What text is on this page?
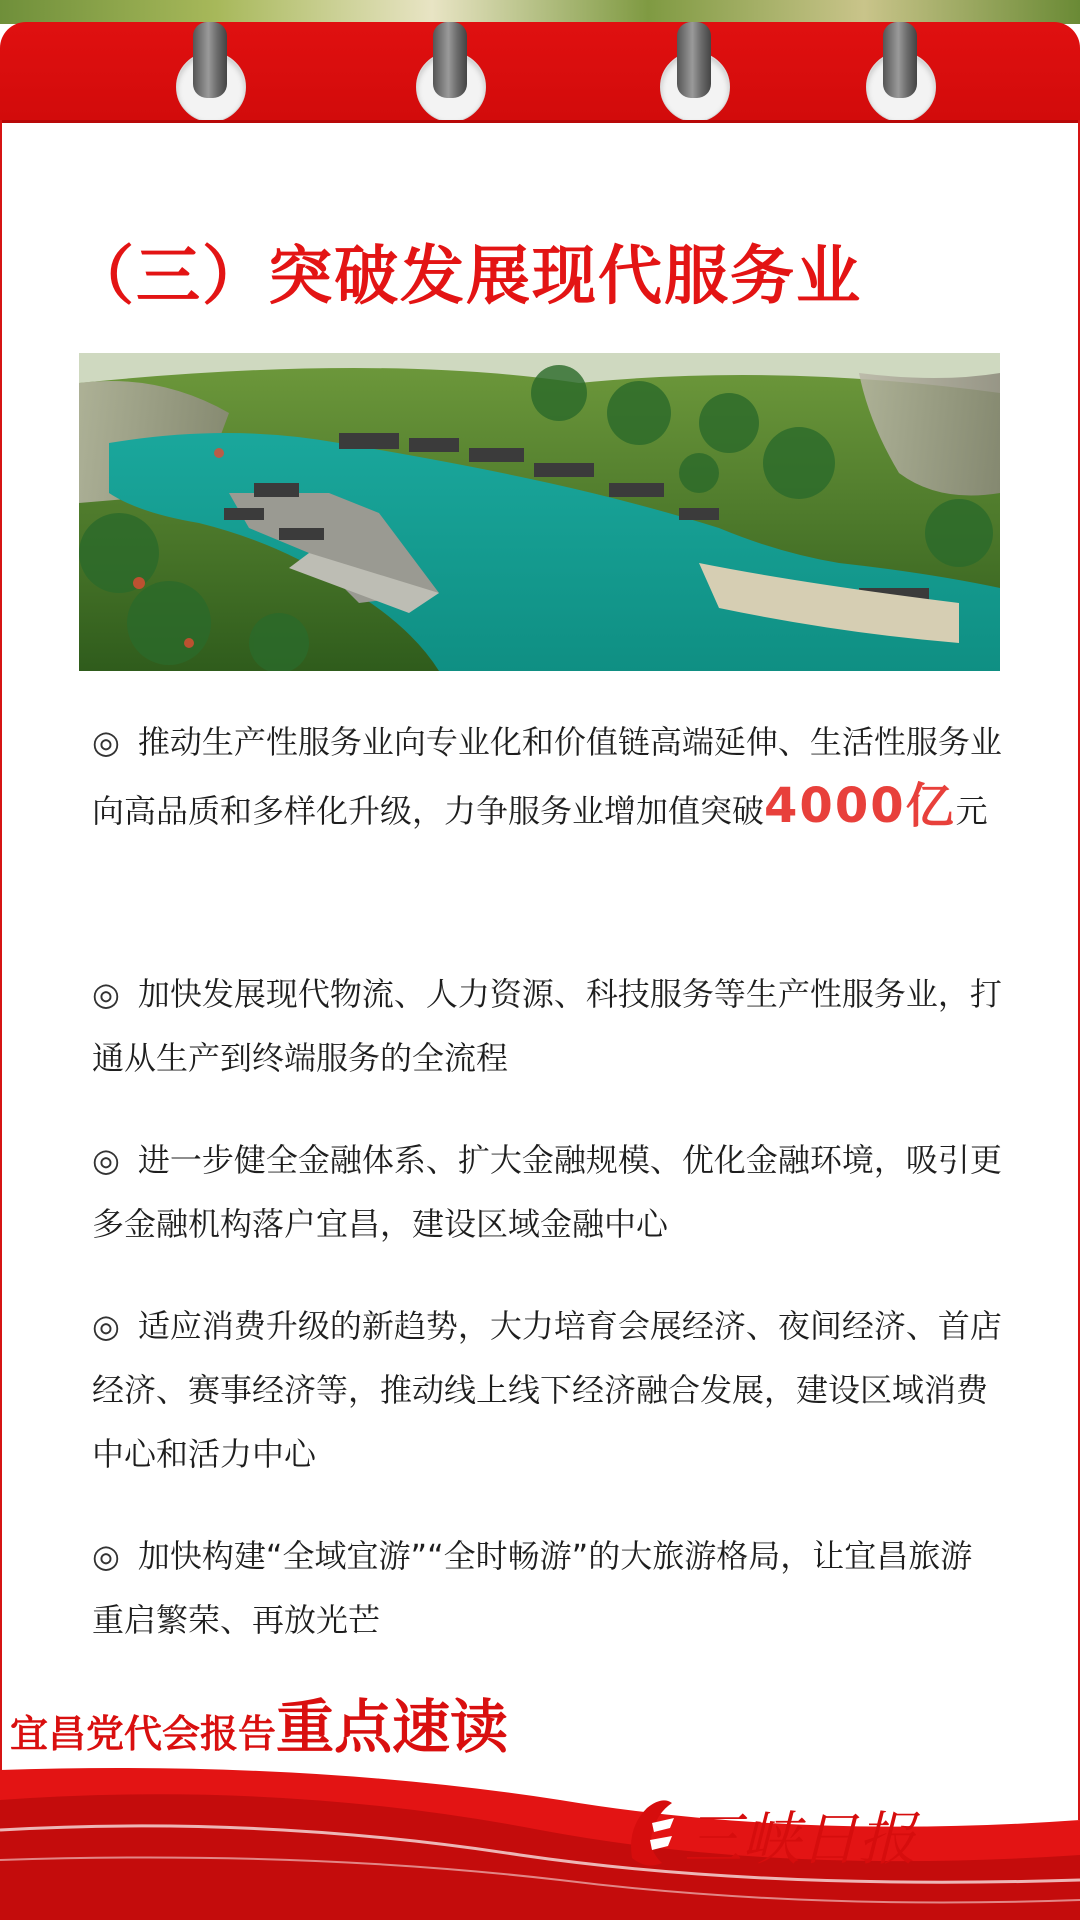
（三）突破发展现代服务业
◎ 推动生产性服务业向专业化和价值链高端延伸、生活性服务业向高品质和多样化升级，力争服务业增加值突破4000亿元
◎ 加快发展现代物流、人力资源、科技服务等生产性服务业，打通从生产到终端服务的全流程
◎ 进一步健全金融体系、扩大金融规模、优化金融环境，吸引更多金融机构落户宜昌，建设区域金融中心
◎ 适应消费升级的新趋势，大力培育会展经济、夜间经济、首店经济、赛事经济等，推动线上线下经济融合发展，建设区域消费中心和活力中心
◎ 加快构建“全域宜游”“全时畅游”的大旅游格局，让宜昌旅游重启繁荣、再放光芒
宜昌党代会报告重点速读
三峡日报
